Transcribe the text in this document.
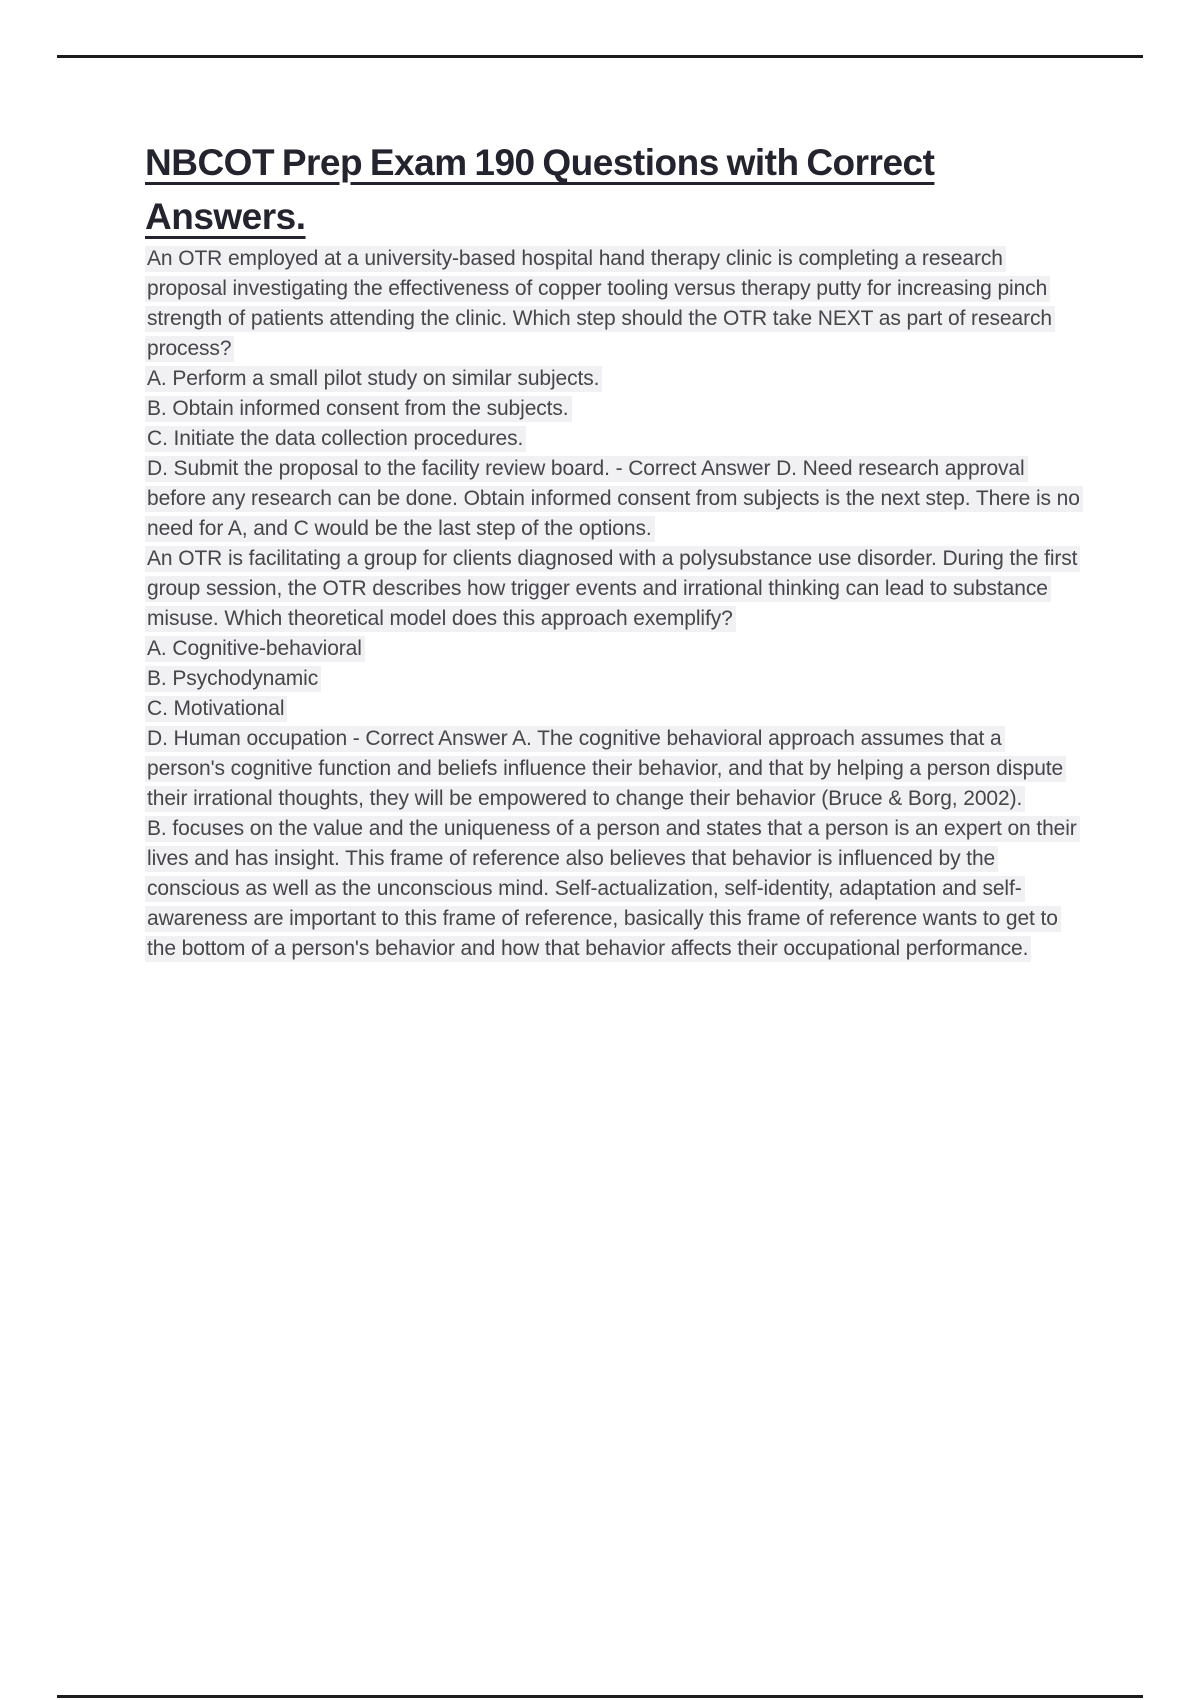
NBCOT Prep Exam 190 Questions with Correct Answers.

An OTR employed at a university-based hospital hand therapy clinic is completing a research proposal investigating the effectiveness of copper tooling versus therapy putty for increasing pinch strength of patients attending the clinic. Which step should the OTR take NEXT as part of research process?

A. Perform a small pilot study on similar subjects.

B. Obtain informed consent from the subjects.

C. Initiate the data collection procedures.

D. Submit the proposal to the facility review board. - Correct Answer D. Need research approval before any research can be done. Obtain informed consent from subjects is the next step. There is no need for A, and C would be the last step of the options.

An OTR is facilitating a group for clients diagnosed with a polysubstance use disorder. During the first group session, the OTR describes how trigger events and irrational thinking can lead to substance misuse. Which theoretical model does this approach exemplify?

A. Cognitive-behavioral

B. Psychodynamic

C. Motivational

D. Human occupation - Correct Answer A. The cognitive behavioral approach assumes that a person's cognitive function and beliefs influence their behavior, and that by helping a person dispute their irrational thoughts, they will be empowered to change their behavior (Bruce & Borg, 2002).

B. focuses on the value and the uniqueness of a person and states that a person is an expert on their lives and has insight. This frame of reference also believes that behavior is influenced by the conscious as well as the unconscious mind. Self-actualization, self-identity, adaptation and self-awareness are important to this frame of reference, basically this frame of reference wants to get to the bottom of a person's behavior and how that behavior affects their occupational performance.
